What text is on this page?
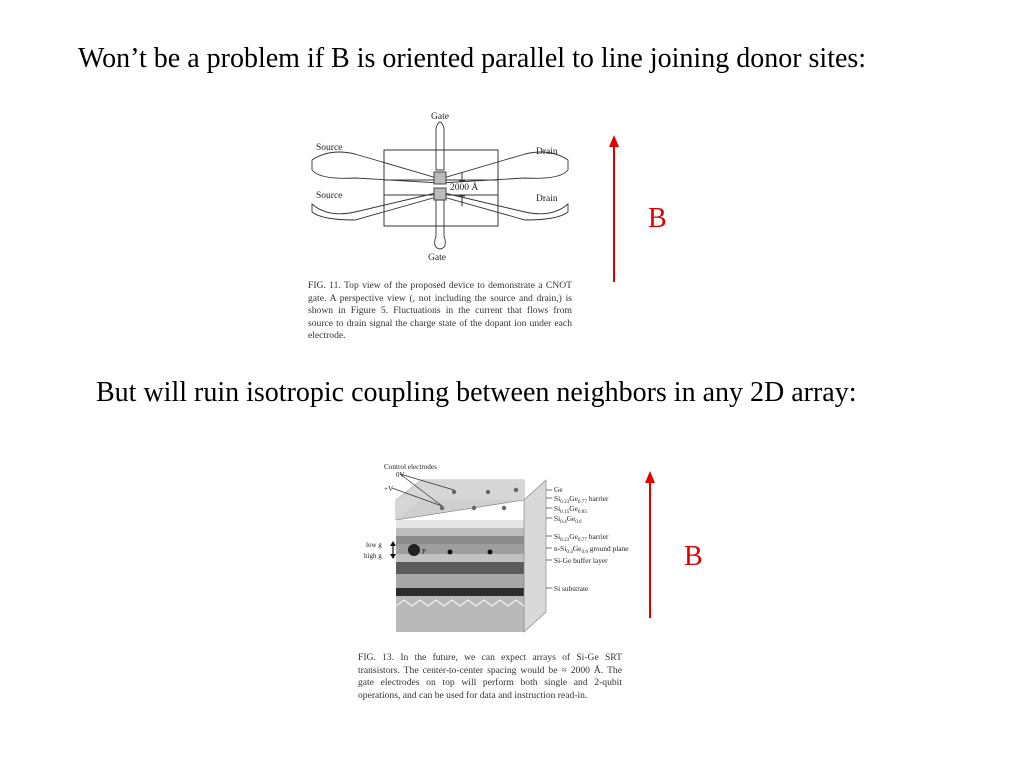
Won’t be a problem if B is oriented parallel to line joining donor sites:

Gate
Gate
Source
Source
Drain
Drain
2000 Å

FIG. 11. Top view of the proposed device to demonstrate a CNOT gate. A perspective view (, not including the source and drain,) is shown in Figure 5. Fluctuations in the current that flows from source to drain signal the charge state of the dopant ion under each electrode.

B

But will ruin isotropic coupling between neighbors in any 2D array:

Control electrodes
0V
+V
low g
high g	P
Ge
$Si_{0.23}Ge_{0.77}$ barrier
$Si_{0.15}Ge_{0.85}$
$Si_{0.4}Ge_{0.6}$
$Si_{0.23}Ge_{0.77}$ barrier
$n-Si_{0.4}Ge_{0.6}$ ground plane
Si-Ge buffer layer
Si substrate

FIG. 13. In the future, we can expect arrays of Si-Ge SRT transistors. The center-to-center spacing would be ≈ 2000 Å. The gate electrodes on top will perform both single and 2-qubit operations, and can be used for data and instruction read-in.

B
